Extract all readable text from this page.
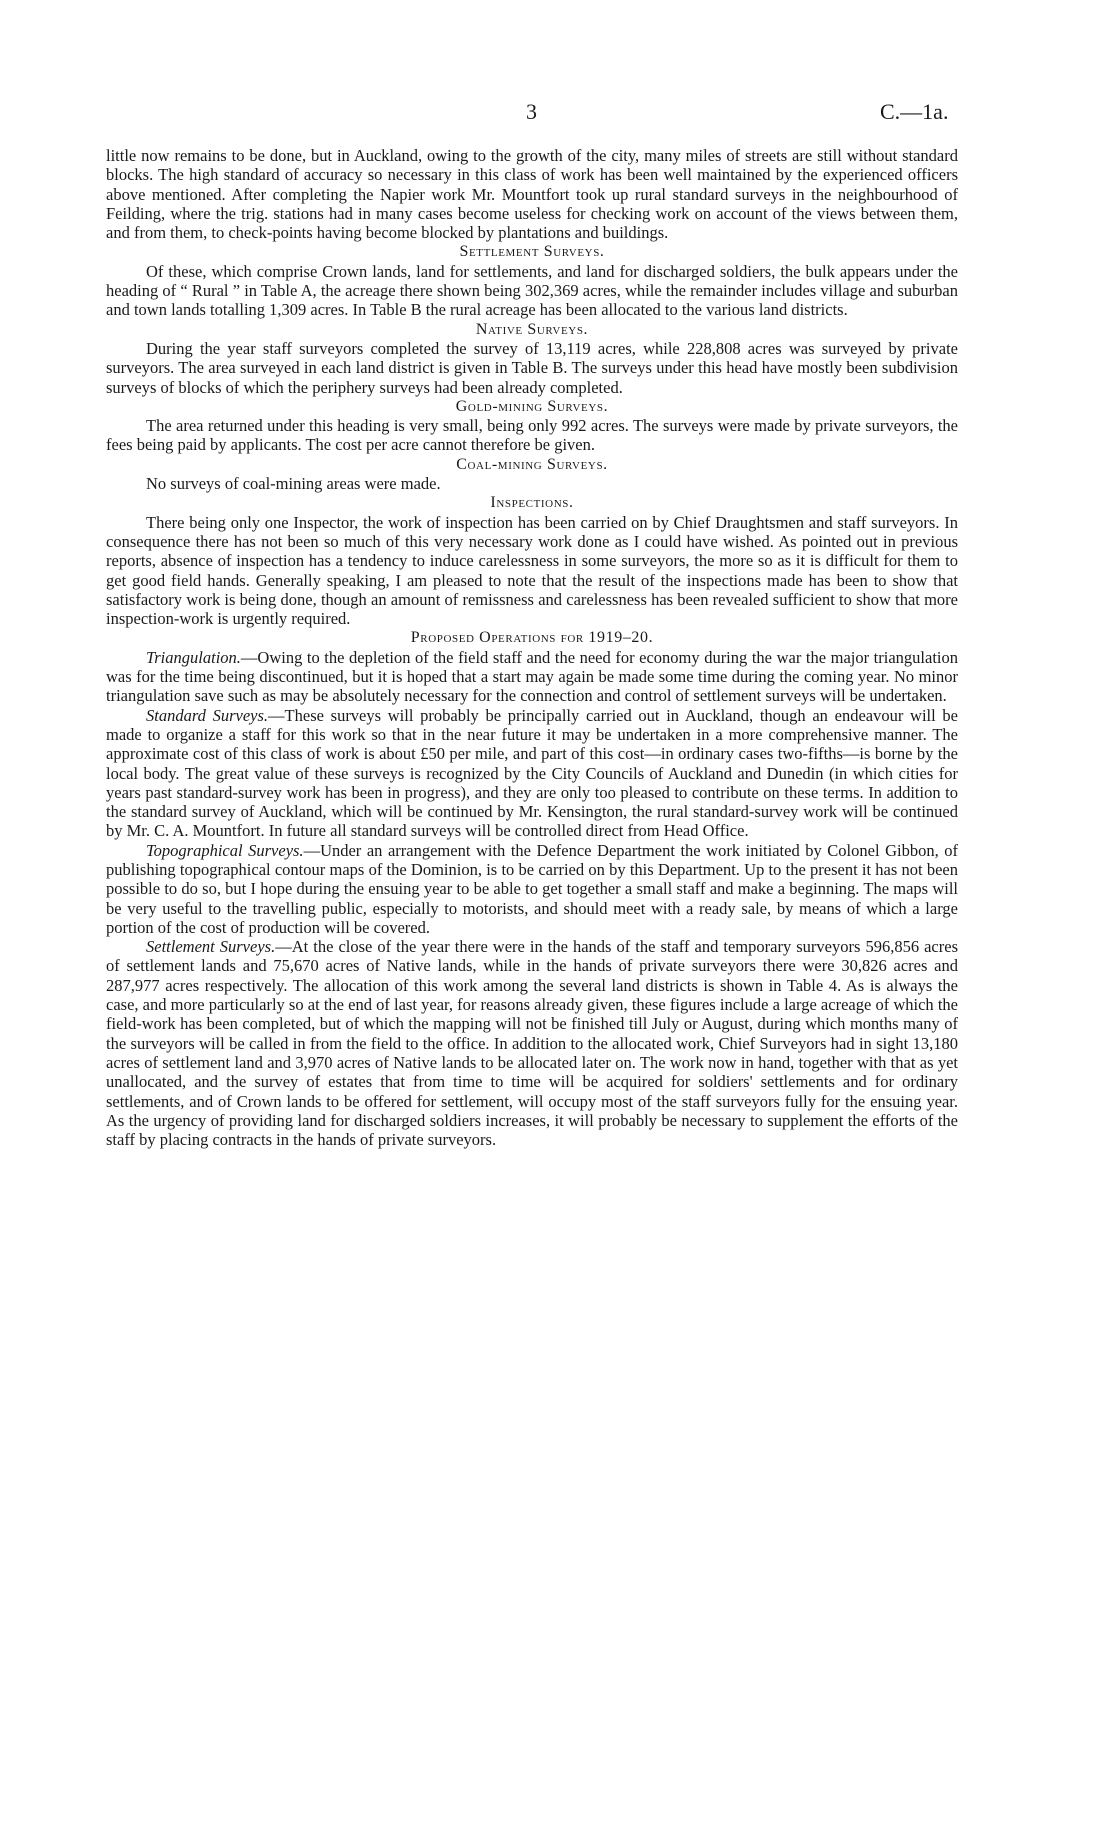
3	C.—1a.

little now remains to be done, but in Auckland, owing to the growth of the city, many miles of streets are still without standard blocks. The high standard of accuracy so necessary in this class of work has been well maintained by the experienced officers above mentioned. After completing the Napier work Mr. Mountfort took up rural standard surveys in the neighbourhood of Feilding, where the trig. stations had in many cases become useless for checking work on account of the views between them, and from them, to check-points having become blocked by plantations and buildings.

Settlement Surveys.

Of these, which comprise Crown lands, land for settlements, and land for discharged soldiers, the bulk appears under the heading of “ Rural ” in Table A, the acreage there shown being 302,369 acres, while the remainder includes village and suburban and town lands totalling 1,309 acres. In Table B the rural acreage has been allocated to the various land districts.

Native Surveys.

During the year staff surveyors completed the survey of 13,119 acres, while 228,808 acres was surveyed by private surveyors. The area surveyed in each land district is given in Table B. The surveys under this head have mostly been subdivision surveys of blocks of which the periphery surveys had been already completed.

Gold-mining Surveys.

The area returned under this heading is very small, being only 992 acres. The surveys were made by private surveyors, the fees being paid by applicants. The cost per acre cannot therefore be given.

Coal-mining Surveys.

No surveys of coal-mining areas were made.

Inspections.

There being only one Inspector, the work of inspection has been carried on by Chief Draughtsmen and staff surveyors. In consequence there has not been so much of this very necessary work done as I could have wished. As pointed out in previous reports, absence of inspection has a tendency to induce carelessness in some surveyors, the more so as it is difficult for them to get good field hands. Generally speaking, I am pleased to note that the result of the inspections made has been to show that satisfactory work is being done, though an amount of remissness and carelessness has been revealed sufficient to show that more inspection-work is urgently required.

Proposed Operations for 1919–20.

Triangulation.—Owing to the depletion of the field staff and the need for economy during the war the major triangulation was for the time being discontinued, but it is hoped that a start may again be made some time during the coming year. No minor triangulation save such as may be absolutely necessary for the connection and control of settlement surveys will be undertaken.

Standard Surveys.—These surveys will probably be principally carried out in Auckland, though an endeavour will be made to organize a staff for this work so that in the near future it may be undertaken in a more comprehensive manner. The approximate cost of this class of work is about £50 per mile, and part of this cost—in ordinary cases two-fifths—is borne by the local body. The great value of these surveys is recognized by the City Councils of Auckland and Dunedin (in which cities for years past standard-survey work has been in progress), and they are only too pleased to contribute on these terms. In addition to the standard survey of Auckland, which will be continued by Mr. Kensington, the rural standard-survey work will be continued by Mr. C. A. Mountfort. In future all standard surveys will be controlled direct from Head Office.

Topographical Surveys.—Under an arrangement with the Defence Department the work initiated by Colonel Gibbon, of publishing topographical contour maps of the Dominion, is to be carried on by this Department. Up to the present it has not been possible to do so, but I hope during the ensuing year to be able to get together a small staff and make a beginning. The maps will be very useful to the travelling public, especially to motorists, and should meet with a ready sale, by means of which a large portion of the cost of production will be covered.

Settlement Surveys.—At the close of the year there were in the hands of the staff and temporary surveyors 596,856 acres of settlement lands and 75,670 acres of Native lands, while in the hands of private surveyors there were 30,826 acres and 287,977 acres respectively. The allocation of this work among the several land districts is shown in Table 4. As is always the case, and more particularly so at the end of last year, for reasons already given, these figures include a large acreage of which the field-work has been completed, but of which the mapping will not be finished till July or August, during which months many of the surveyors will be called in from the field to the office. In addition to the allocated work, Chief Surveyors had in sight 13,180 acres of settlement land and 3,970 acres of Native lands to be allocated later on. The work now in hand, together with that as yet unallocated, and the survey of estates that from time to time will be acquired for soldiers' settlements and for ordinary settlements, and of Crown lands to be offered for settlement, will occupy most of the staff surveyors fully for the ensuing year. As the urgency of providing land for discharged soldiers increases, it will probably be necessary to supplement the efforts of the staff by placing contracts in the hands of private surveyors.
